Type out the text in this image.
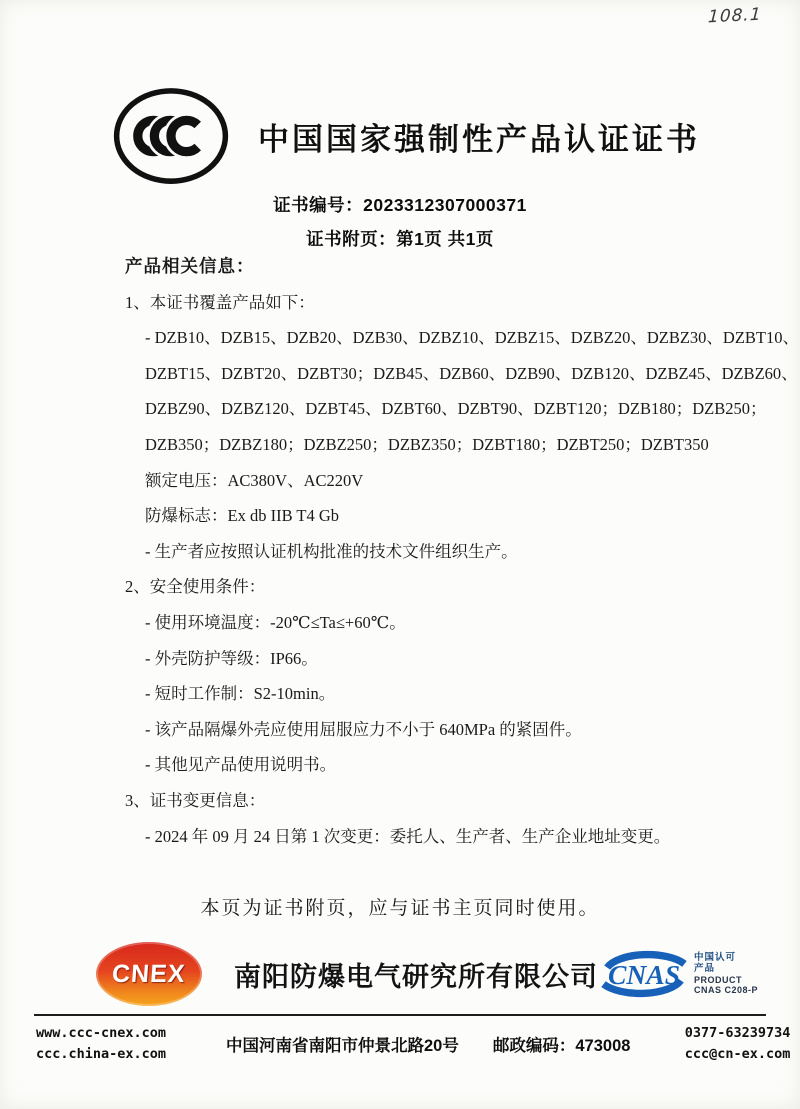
108.1
中国国家强制性产品认证证书
证书编号：2023312307000371
证书附页：第1页 共1页

产品相关信息：

1、本证书覆盖产品如下：

- DZB10、DZB15、DZB20、DZB30、DZBZ10、DZBZ15、DZBZ20、DZBZ30、DZBT10、

DZBT15、DZBT20、DZBT30；DZB45、DZB60、DZB90、DZB120、DZBZ45、DZBZ60、

DZBZ90、DZBZ120、DZBT45、DZBT60、DZBT90、DZBT120；DZB180；DZB250；

DZB350；DZBZ180；DZBZ250；DZBZ350；DZBT180；DZBT250；DZBT350

额定电压：AC380V、AC220V

防爆标志：Ex db IIB T4 Gb

- 生产者应按照认证机构批准的技术文件组织生产。

2、安全使用条件：

- 使用环境温度：-20℃≤Ta≤+60℃。

- 外壳防护等级：IP66。

- 短时工作制：S2-10min。

- 该产品隔爆外壳应使用屈服应力不小于 640MPa 的紧固件。

- 其他见产品使用说明书。

3、证书变更信息：

- 2024 年 09 月 24 日第 1 次变更：委托人、生产者、生产企业地址变更。

本页为证书附页，应与证书主页同时使用。
CNEX 南阳防爆电气研究所有限公司 CNAS
中国认可
产品
PRODUCT
CNAS C208-P
www.ccc-cnex.com
ccc.china-ex.com	中国河南省南阳市仲景北路20号 邮政编码：473008
0377-63239734
ccc@cn-ex.com
